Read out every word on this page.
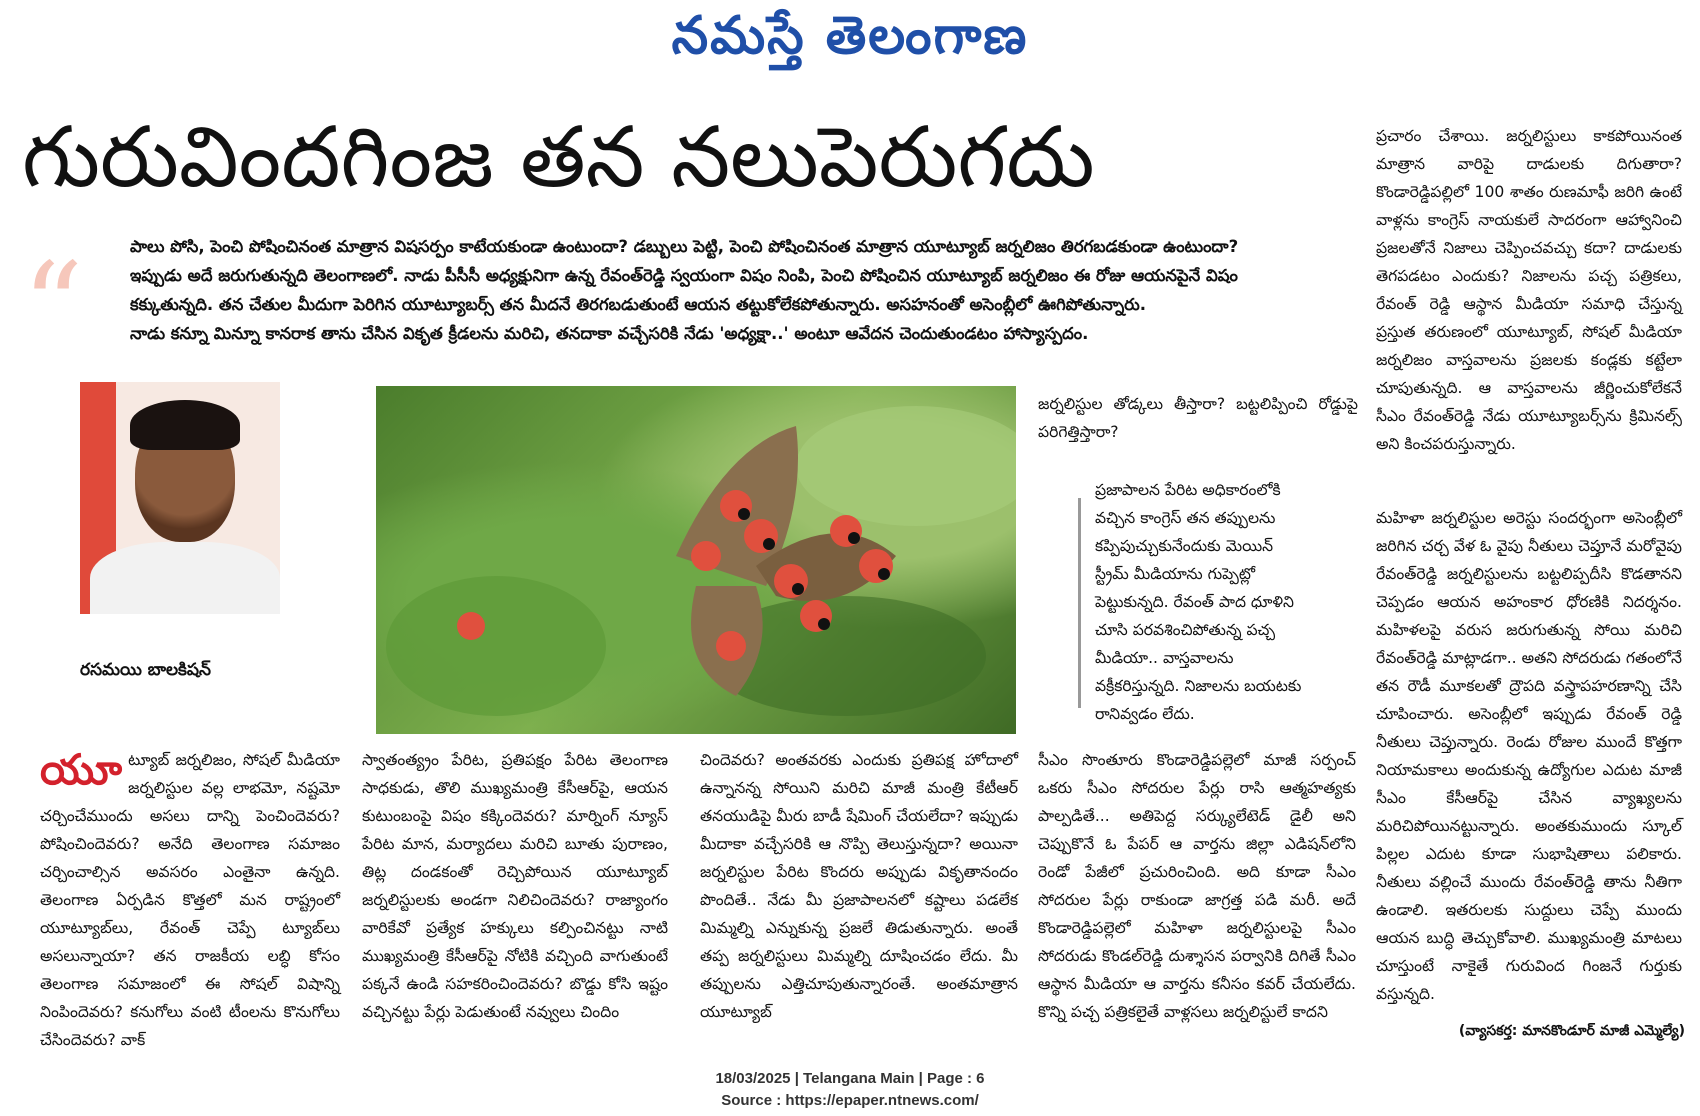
నమస్తే తెలంగాణ
గురువిందగింజ తన నలుపెరుగదు
“	పాలు పోసి, పెంచి పోషించినంత మాత్రాన విషసర్పం కాటేయకుండా ఉంటుందా? డబ్బులు పెట్టి, పెంచి పోషించినంత మాత్రాన యూట్యూబ్ జర్నలిజం తిరగబడకుండా ఉంటుందా?

ఇప్పుడు అదే జరుగుతున్నది తెలంగాణలో. నాడు పీసీసీ అధ్యక్షునిగా ఉన్న రేవంత్‌రెడ్డి స్వయంగా విషం నింపి, పెంచి పోషించిన యూట్యూబ్ జర్నలిజం ఈ రోజు ఆయనపైనే విషం

కక్కుతున్నది. తన చేతుల మీదుగా పెరిగిన యూట్యూబర్స్ తన మీదనే తిరగబడుతుంటే ఆయన తట్టుకోలేకపోతున్నారు. అసహనంతో అసెంబ్లీలో ఊగిపోతున్నారు.

నాడు కన్నూ మిన్నూ కానరాక తాను చేసిన వికృత క్రీడలను మరిచి, తనదాకా వచ్చేసరికి నేడు 'అధ్యక్షా..' అంటూ ఆవేదన చెందుతుండటం హాస్యాస్పదం.

రసమయి బాలకిషన్
యూ ట్యూబ్ జర్నలిజం, సోషల్ మీడియా జర్నలిస్టుల వల్ల లాభమో, నష్టమో చర్చించేముందు అసలు దాన్ని పెంచిందెవరు? పోషించిందెవరు? అనేది తెలంగాణ సమాజం చర్చించాల్సిన అవసరం ఎంతైనా ఉన్నది. తెలంగాణ ఏర్పడిన కొత్తలో మన రాష్ట్రంలో యూట్యూబ్‌లు, రేవంత్ చెప్పే ట్యూబ్‌లు అసలున్నాయా? తన రాజకీయ లబ్ధి కోసం తెలంగాణ సమాజంలో ఈ సోషల్ విషాన్ని నింపిందెవరు? కనుగోలు వంటి టీంలను కొనుగోలు చేసిందెవరు? వాక్
స్వాతంత్య్రం పేరిట, ప్రతిపక్షం పేరిట తెలంగాణ సాధకుడు, తొలి ముఖ్యమంత్రి కేసీఆర్‌పై, ఆయన కుటుంబంపై విషం కక్కిందెవరు? మార్నింగ్ న్యూస్ పేరిట మాన, మర్యాదలు మరిచి బూతు పురాణం, తిట్ల దండకంతో రెచ్చిపోయిన యూట్యూబ్ జర్నలిస్టులకు అండగా నిలిచిందెవరు? రాజ్యాంగం వారికేవో ప్రత్యేక హక్కులు కల్పించినట్టు నాటి ముఖ్యమంత్రి కేసీఆర్‌పై నోటికి వచ్చింది వాగుతుంటే పక్కనే ఉండి సహకరించిందెవరు? బొడ్డు కోసి ఇష్టం వచ్చినట్టు పేర్లు పెడుతుంటే నవ్వులు చిందిం
చిందెవరు? అంతవరకు ఎందుకు ప్రతిపక్ష హోదాలో ఉన్నానన్న సోయిని మరిచి మాజీ మంత్రి కేటీఆర్ తనయుడిపై మీరు బాడీ షేమింగ్ చేయలేదా? ఇప్పుడు మీదాకా వచ్చేసరికి ఆ నొప్పి తెలుస్తున్నదా? అయినా జర్నలిస్టుల పేరిట కొందరు అప్పుడు వికృతానందం పొందితే.. నేడు మీ ప్రజాపాలనలో కష్టాలు పడలేక మిమ్మల్ని ఎన్నుకున్న ప్రజలే తిడుతున్నారు. అంతే తప్ప జర్నలిస్టులు మిమ్మల్ని దూషించడం లేదు. మీ తప్పులను ఎత్తిచూపుతున్నారంతే. అంతమాత్రాన యూట్యూబ్
జర్నలిస్టుల తోడ్కలు తీస్తారా? బట్టలిప్పించి రోడ్డుపై పరిగెత్తిస్తారా?
ప్రజాపాలన పేరిట అధికారంలోకి వచ్చిన కాంగ్రెస్ తన తప్పులను కప్పిపుచ్చుకునేందుకు మెయిన్ స్ట్రీమ్ మీడియాను గుప్పెట్లో పెట్టుకున్నది. రేవంత్ పాద ధూళిని చూసి పరవశించిపోతున్న పచ్చ మీడియా.. వాస్తవాలను వక్రీకరిస్తున్నది. నిజాలను బయటకు రానివ్వడం లేదు.
సీఎం సొంతూరు కొండారెడ్డిపల్లెలో మాజీ సర్పంచ్ ఒకరు సీఎం సోదరుల పేర్లు రాసి ఆత్మహత్యకు పాల్పడితే... అతిపెద్ద సర్క్యులేటెడ్ డైలీ అని చెప్పుకొనే ఓ పేపర్ ఆ వార్తను జిల్లా ఎడిషన్‌లోని రెండో పేజీలో ప్రచురించింది. అది కూడా సీఎం సోదరుల పేర్లు రాకుండా జాగ్రత్త పడి మరీ. అదే కొండారెడ్డిపల్లెలో మహిళా జర్నలిస్టులపై సీఎం సోదరుడు కొండల్‌రెడ్డి దుశ్శాసన పర్వానికి దిగితే సీఎం ఆస్థాన మీడియా ఆ వార్తను కనీసం కవర్ చేయలేదు. కొన్ని పచ్చ పత్రికలైతే వాళ్లసలు జర్నలిస్టులే కాదని
ప్రచారం చేశాయి. జర్నలిస్టులు కాకపోయినంత మాత్రాన వారిపై దాడులకు దిగుతారా? కొండారెడ్డిపల్లిలో 100 శాతం రుణమాఫీ జరిగి ఉంటే వాళ్లను కాంగ్రెస్ నాయకులే సాదరంగా ఆహ్వానించి ప్రజలతోనే నిజాలు చెప్పించవచ్చు కదా? దాడులకు తెగపడటం ఎందుకు? నిజాలను పచ్చ పత్రికలు, రేవంత్ రెడ్డి ఆస్థాన మీడియా సమాధి చేస్తున్న ప్రస్తుత తరుణంలో యూట్యూబ్, సోషల్ మీడియా జర్నలిజం వాస్తవాలను ప్రజలకు కండ్లకు కట్టేలా చూపుతున్నది. ఆ వాస్తవాలను జీర్ణించుకోలేకనే సీఎం రేవంత్‌రెడ్డి నేడు యూట్యూబర్స్‌ను క్రిమినల్స్ అని కించపరుస్తున్నారు.
మహిళా జర్నలిస్టుల అరెస్టు సందర్భంగా అసెంబ్లీలో జరిగిన చర్చ వేళ ఓ వైపు నీతులు చెప్తూనే మరోవైపు రేవంత్‌రెడ్డి జర్నలిస్టులను బట్టలిప్పదీసి కొడతానని చెప్పడం ఆయన అహంకార ధోరణికి నిదర్శనం. మహిళలపై వరుస జరుగుతున్న సోయి మరిచి రేవంత్‌రెడ్డి మాట్లాడగా.. అతని సోదరుడు గతంలోనే తన రౌడీ మూకలతో ద్రౌపది వస్త్రాపహరణాన్ని చేసి చూపించారు. అసెంబ్లీలో ఇప్పుడు రేవంత్ రెడ్డి నీతులు చెప్తున్నారు. రెండు రోజుల ముందే కొత్తగా నియామకాలు అందుకున్న ఉద్యోగుల ఎదుట మాజీ సీఎం కేసీఆర్‌పై చేసిన వ్యాఖ్యలను మరిచిపోయినట్టున్నారు. అంతకుముందు స్కూల్ పిల్లల ఎదుట కూడా సుభాషితాలు పలికారు. నీతులు వల్లించే ముందు రేవంత్‌రెడ్డి తాను నీతిగా ఉండాలి. ఇతరులకు సుద్దులు చెప్పే ముందు ఆయన బుద్ధి తెచ్చుకోవాలి. ముఖ్యమంత్రి మాటలు చూస్తుంటే నాకైతే గురువింద గింజనే గుర్తుకు వస్తున్నది.
(వ్యాసకర్త: మానకొండూర్ మాజీ ఎమ్మెల్యే)
18/03/2025 | Telangana Main | Page : 6
Source : https://epaper.ntnews.com/
